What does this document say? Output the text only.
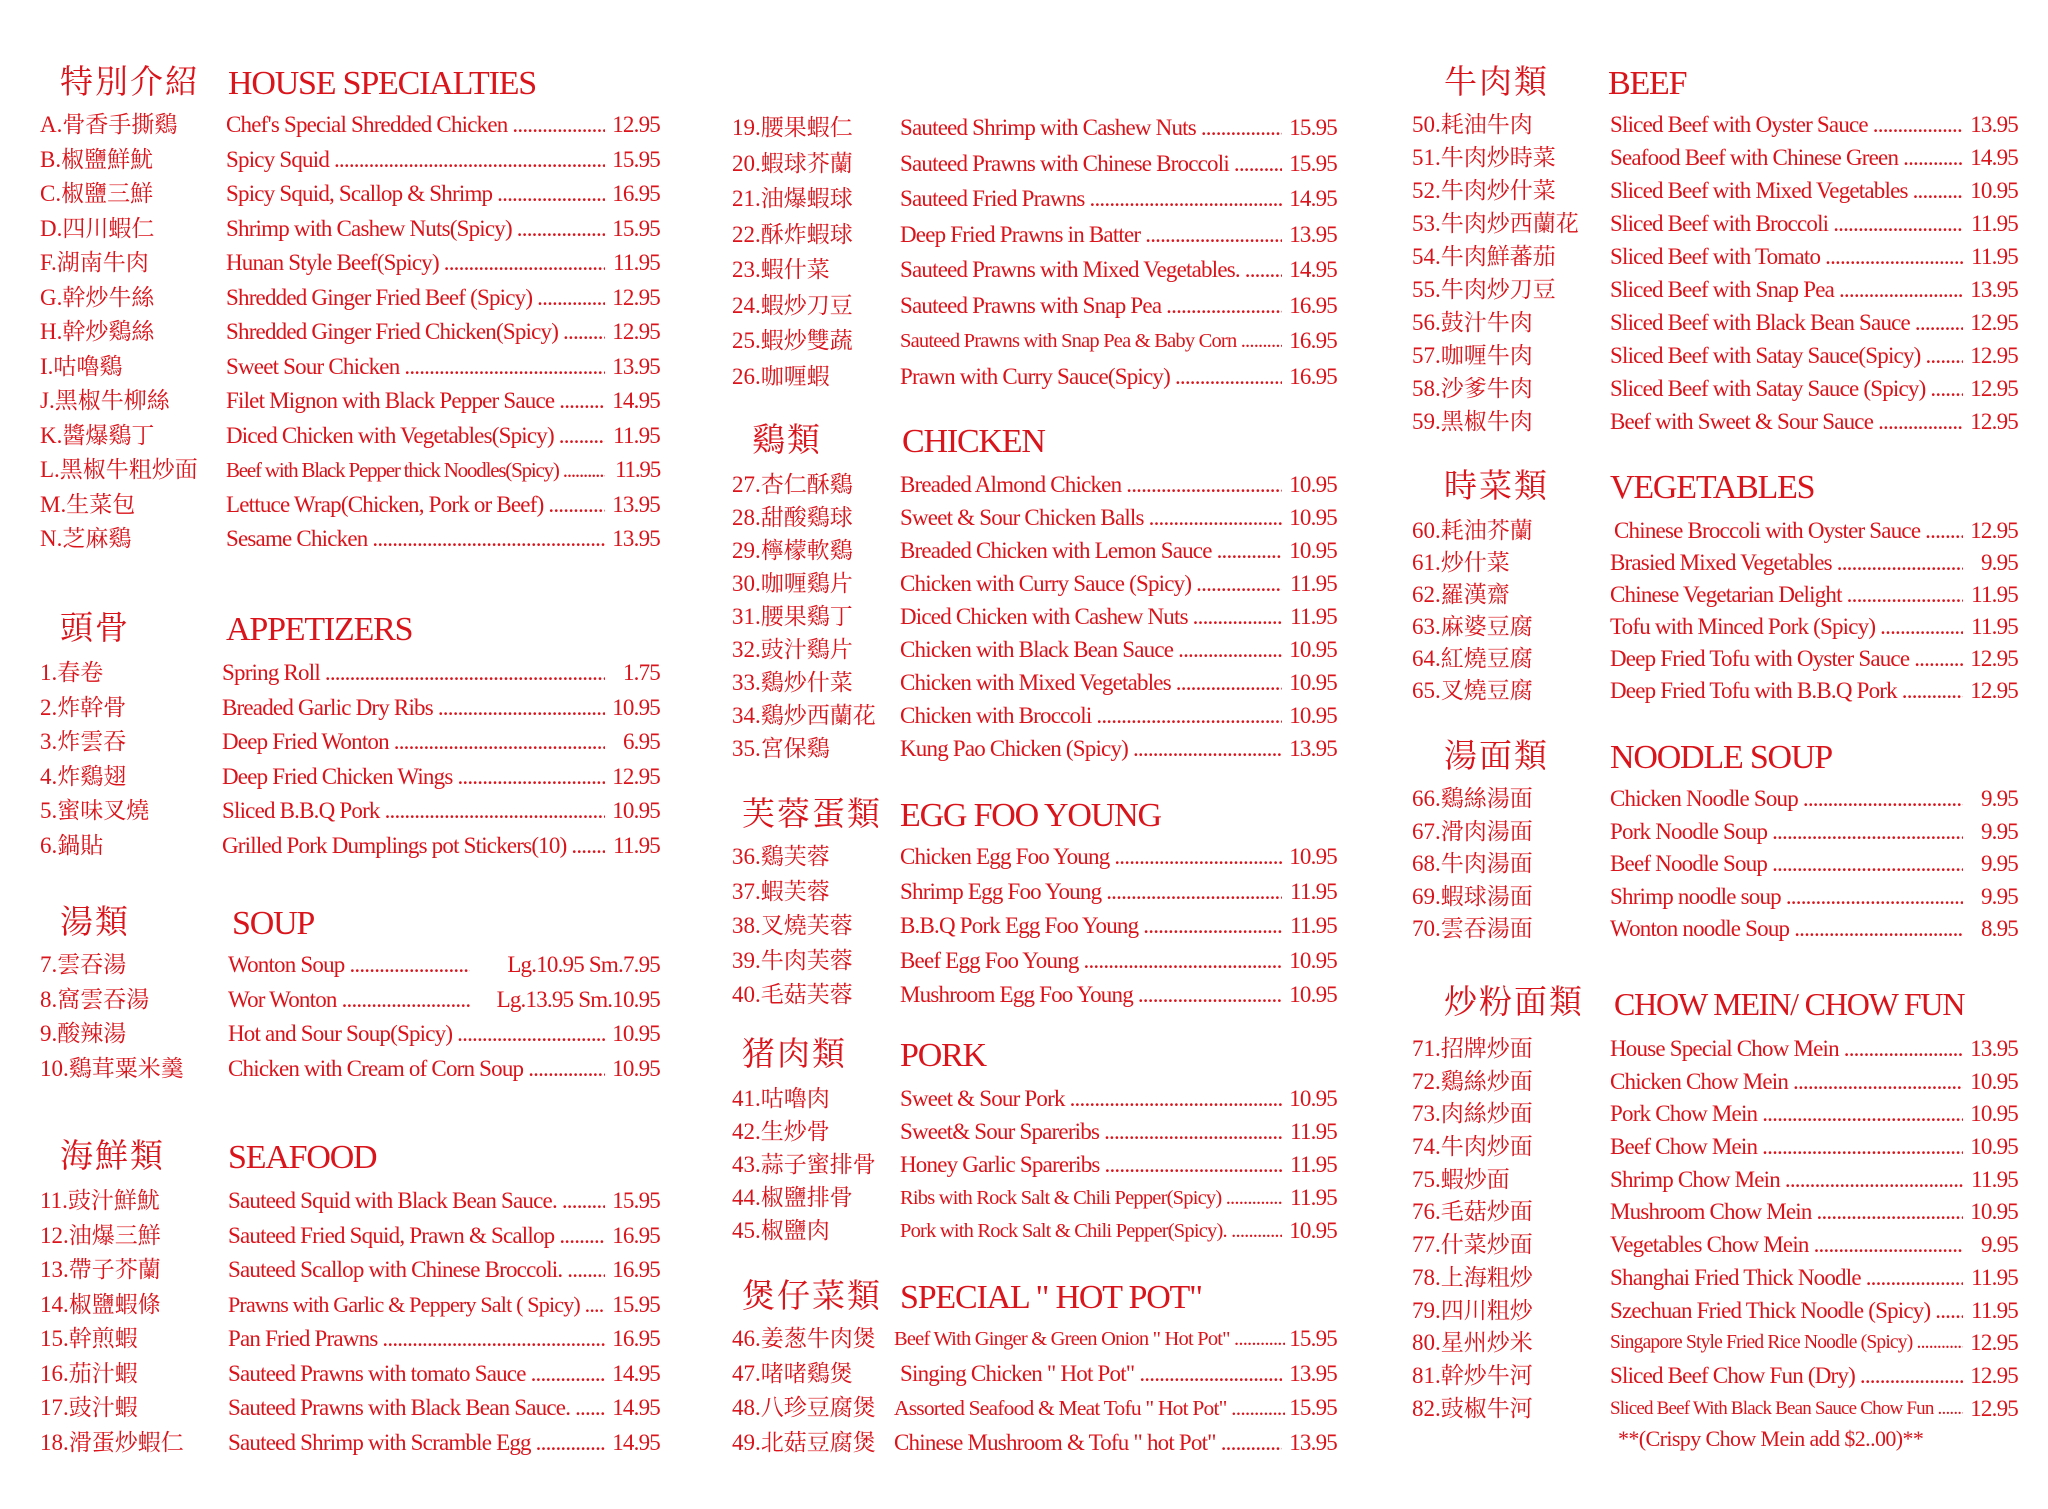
特別介紹 HOUSE SPECIALTIES
A.骨香手撕鷄 Chef's Special Shredded Chicken .....	12.95
B.椒鹽鮮魷	Spicy Squid .....	15.95
C.椒鹽三鮮	Spicy Squid, Scallop & Shrimp .....	16.95
D.四川蝦仁	Shrimp with Cashew Nuts(Spicy) .....	15.95
F.湖南牛肉	Hunan Style Beef(Spicy) .....	11.95
G.幹炒牛絲	Shredded Ginger Fried Beef (Spicy) .....	12.95
H.幹炒鷄絲	Shredded Ginger Fried Chicken(Spicy) .....	12.95
I.咕嚕鷄	Sweet Sour Chicken .....	13.95
J.黑椒牛柳絲 Filet Mignon with Black Pepper Sauce .....	14.95
K.醬爆鷄丁	Diced Chicken with Vegetables(Spicy) .....	11.95
L.黑椒牛粗炒面 Beef with Black Pepper thick Noodles(Spicy) .....	11.95
M.生菜包	Lettuce Wrap(Chicken, Pork or Beef) .....	13.95
N.芝麻鷄	Sesame Chicken .....	13.95
頭骨	APPETIZERS
1.春卷	Spring Roll .....	1.75
2.炸幹骨	Breaded Garlic Dry Ribs .....	10.95
3.炸雲吞	Deep Fried Wonton .....	6.95
4.炸鷄翅	Deep Fried Chicken Wings .....	12.95
5.蜜味叉燒	Sliced B.B.Q Pork .....	10.95
6.鍋貼	Grilled Pork Dumplings pot Stickers(10) .....	11.95
湯類	SOUP
7.雲吞湯	Wonton Soup .....	Lg.10.95 Sm.7.95
8.窩雲吞湯	Wor Wonton .....	Lg.13.95 Sm.10.95
9.酸辣湯	Hot and Sour Soup(Spicy) .....	10.95
10.鷄茸粟米羹 Chicken with Cream of Corn Soup .....	10.95
海鮮類 SEAFOOD
11.豉汁鮮魷	Sauteed Squid with Black Bean Sauce. .....	15.95
12.油爆三鮮	Sauteed Fried Squid, Prawn & Scallop .....	16.95
13.帶子芥蘭	Sauteed Scallop with Chinese Broccoli. .....	16.95
14.椒鹽蝦條	Prawns with Garlic & Peppery Salt ( Spicy) .....	15.95
15.幹煎蝦	Pan Fried Prawns .....	16.95
16.茄汁蝦	Sauteed Prawns with tomato Sauce .....	14.95
17.豉汁蝦	Sauteed Prawns with Black Bean Sauce. .....	14.95
18.滑蛋炒蝦仁 Sauteed Shrimp with Scramble Egg .....	14.95
19.腰果蝦仁 Sauteed Shrimp with Cashew Nuts .....	15.95
20.蝦球芥蘭 Sauteed Prawns with Chinese Broccoli .....	15.95
21.油爆蝦球 Sauteed Fried Prawns .....	14.95
22.酥炸蝦球 Deep Fried Prawns in Batter .....	13.95
23.蝦什菜	Sauteed Prawns with Mixed Vegetables. .....	14.95
24.蝦炒刀豆 Sauteed Prawns with Snap Pea .....	16.95
25.蝦炒雙蔬 Sauteed Prawns with Snap Pea & Baby Corn .....	16.95
26.咖喱蝦	Prawn with Curry Sauce(Spicy) .....	16.95
鷄類 CHICKEN
27.杏仁酥鷄 Breaded Almond Chicken .....	10.95
28.甜酸鷄球 Sweet & Sour Chicken Balls .....	10.95
29.檸檬軟鷄 Breaded Chicken with Lemon Sauce .....	10.95
30.咖喱鷄片 Chicken with Curry Sauce (Spicy) .....	11.95
31.腰果鷄丁 Diced Chicken with Cashew Nuts .....	11.95
32.豉汁鷄片 Chicken with Black Bean Sauce .....	10.95
33.鷄炒什菜 Chicken with Mixed Vegetables .....	10.95
34.鷄炒西蘭花 Chicken with Broccoli .....	10.95
35.宮保鷄	Kung Pao Chicken (Spicy) .....	13.95
芙蓉蛋類 EGG FOO YOUNG
36.鷄芙蓉	Chicken Egg Foo Young .....	10.95
37.蝦芙蓉	Shrimp Egg Foo Young .....	11.95
38.叉燒芙蓉 B.B.Q Pork Egg Foo Young .....	11.95
39.牛肉芙蓉 Beef Egg Foo Young .....	10.95
40.毛菇芙蓉 Mushroom Egg Foo Young .....	10.95
猪肉類 PORK
41.咕嚕肉	Sweet & Sour Pork .....	10.95
42.生炒骨	Sweet& Sour Spareribs .....	11.95
43.蒜子蜜排骨 Honey Garlic Spareribs .....	11.95
44.椒鹽排骨 Ribs with Rock Salt & Chili Pepper(Spicy) .....	11.95
45.椒鹽肉	Pork with Rock Salt & Chili Pepper(Spicy). .....	10.95
煲仔菜類 SPECIAL " HOT POT"
46.姜葱牛肉煲 Beef With Ginger & Green Onion " Hot Pot" .....	15.95
47.啫啫鷄煲 Singing Chicken " Hot Pot" .....	13.95
48.八珍豆腐煲 Assorted Seafood & Meat Tofu " Hot Pot" .....	15.95
49.北菇豆腐煲 Chinese Mushroom & Tofu " hot Pot" .....	13.95
牛肉類 BEEF
50.耗油牛肉	Sliced Beef with Oyster Sauce .....	13.95
51.牛肉炒時菜 Seafood Beef with Chinese Green .....	14.95
52.牛肉炒什菜 Sliced Beef with Mixed Vegetables .....	10.95
53.牛肉炒西蘭花 Sliced Beef with Broccoli .....	11.95
54.牛肉鮮蕃茄 Sliced Beef with Tomato .....	11.95
55.牛肉炒刀豆 Sliced Beef with Snap Pea .....	13.95
56.鼓汁牛肉	Sliced Beef with Black Bean Sauce .....	12.95
57.咖喱牛肉	Sliced Beef with Satay Sauce(Spicy) .....	12.95
58.沙爹牛肉	Sliced Beef with Satay Sauce (Spicy) .....	12.95
59.黑椒牛肉	Beef with Sweet & Sour Sauce .....	12.95
時菜類 VEGETABLES
60.耗油芥蘭	Chinese Broccoli with Oyster Sauce .....	12.95
61.炒什菜	Brasied Mixed Vegetables .....	9.95
62.羅漢齋	Chinese Vegetarian Delight .....	11.95
63.麻婆豆腐	Tofu with Minced Pork (Spicy) .....	11.95
64.紅燒豆腐	Deep Fried Tofu with Oyster Sauce .....	12.95
65.叉燒豆腐	Deep Fried Tofu with B.B.Q Pork .....	12.95
湯面類 NOODLE SOUP
66.鷄絲湯面	Chicken Noodle Soup .....	9.95
67.滑肉湯面	Pork Noodle Soup .....	9.95
68.牛肉湯面	Beef Noodle Soup .....	9.95
69.蝦球湯面	Shrimp noodle soup .....	9.95
70.雲吞湯面	Wonton noodle Soup .....	8.95
炒粉面類 CHOW MEIN/ CHOW FUN
71.招牌炒面	House Special Chow Mein .....	13.95
72.鷄絲炒面	Chicken Chow Mein .....	10.95
73.肉絲炒面	Pork Chow Mein .....	10.95
74.牛肉炒面	Beef Chow Mein .....	10.95
75.蝦炒面	Shrimp Chow Mein .....	11.95
76.毛菇炒面	Mushroom Chow Mein .....	10.95
77.什菜炒面	Vegetables Chow Mein .....	9.95
78.上海粗炒	Shanghai Fried Thick Noodle .....	11.95
79.四川粗炒	Szechuan Fried Thick Noodle (Spicy) .....	11.95
80.星州炒米	Singapore Style Fried Rice Noodle (Spicy) .....	12.95
81.幹炒牛河	Sliced Beef Chow Fun (Dry) .....	12.95
82.豉椒牛河	Sliced Beef With Black Bean Sauce Chow Fun .....	12.95
**(Crispy Chow Mein add $2..00)**
